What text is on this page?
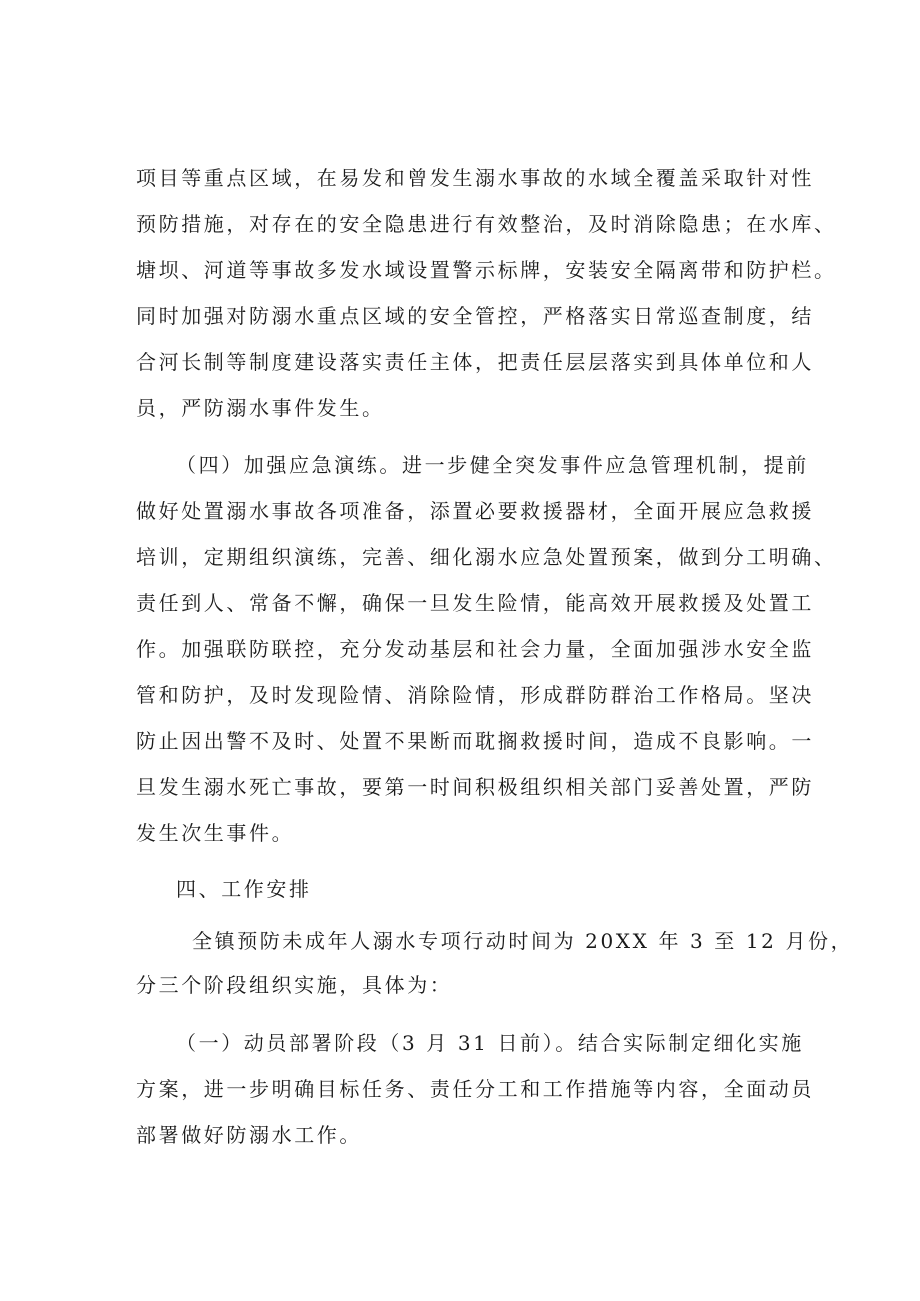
项目等重点区域，在易发和曾发生溺水事故的水域全覆盖采取针对性
预防措施，对存在的安全隐患进行有效整治，及时消除隐患；在水库、
塘坝、河道等事故多发水域设置警示标牌，安装安全隔离带和防护栏。
同时加强对防溺水重点区域的安全管控，严格落实日常巡查制度，结
合河长制等制度建设落实责任主体，把责任层层落实到具体单位和人
员，严防溺水事件发生。
（四）加强应急演练。进一步健全突发事件应急管理机制，提前
做好处置溺水事故各项准备，添置必要救援器材，全面开展应急救援
培训，定期组织演练，完善、细化溺水应急处置预案，做到分工明确、
责任到人、常备不懈，确保一旦发生险情，能高效开展救援及处置工
作。加强联防联控，充分发动基层和社会力量，全面加强涉水安全监
管和防护，及时发现险情、消除险情，形成群防群治工作格局。坚决
防止因出警不及时、处置不果断而耽搁救援时间，造成不良影响。一
旦发生溺水死亡事故，要第一时间积极组织相关部门妥善处置，严防
发生次生事件。
四、工作安排
全镇预防未成年人溺水专项行动时间为 20XX 年 3 至 12 月份，
分三个阶段组织实施，具体为：
（一）动员部署阶段（3 月 31 日前）。结合实际制定细化实施
方案，进一步明确目标任务、责任分工和工作措施等内容，全面动员
部署做好防溺水工作。
